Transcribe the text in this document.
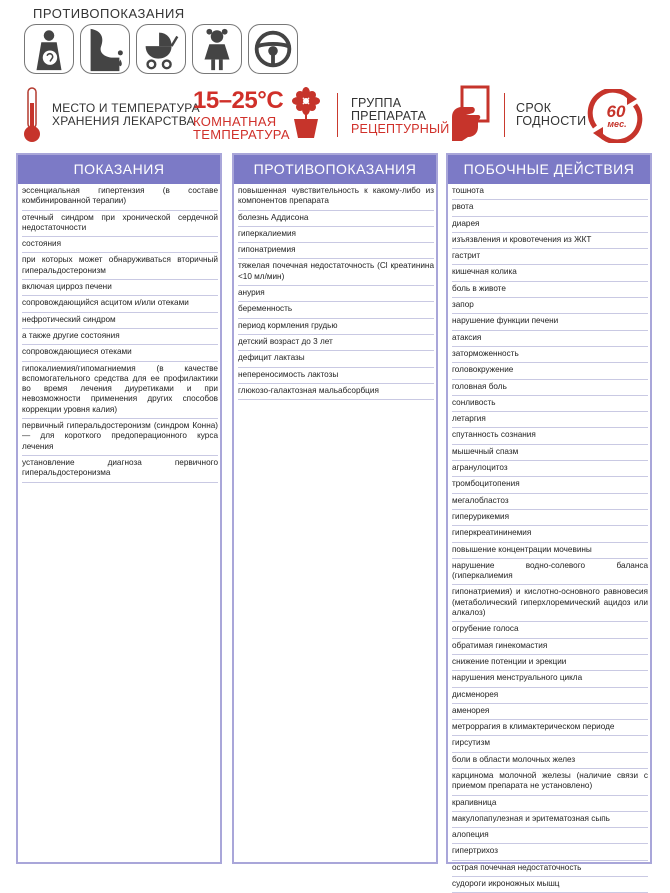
ПРОТИВОПОКАЗАНИЯ
МЕСТО И ТЕМПЕРАТУРА
ХРАНЕНИЯ ЛЕКАРСТВА
15–25°C
КОМНАТНАЯ
ТЕМПЕРАТУРА
ГРУППА
ПРЕПАРАТА
РЕЦЕПТУРНЫЙ
СРОК
ГОДНОСТИ 60
мес.
ПОКАЗАНИЯ
эссенциальная гипертензия (в составе комбинированной терапии)
отечный синдром при хронической сердечной недостаточности
состояния
при которых может обнаруживаться вторичный гиперальдостеронизм
включая цирроз печени
сопровождающийся асцитом и/или отеками
нефротический синдром
а также другие состояния
сопровождающиеся отеками
гипокалиемия/гипомагниемия (в качестве вспомогательного средства для ее профилактики во время лечения диуретиками и при невозможности применения других способов коррекции уровня калия)
первичный гиперальдостеронизм (синдром Конна) — для короткого предоперационного курса лечения
установление диагноза первичного гиперальдостеронизма
ПРОТИВОПОКАЗАНИЯ
повышенная чувствительность к какому-либо из компонентов препарата
болезнь Аддисона
гиперкалиемия
гипонатриемия
тяжелая почечная недостаточность (Cl креатинина <10 мл/мин)
анурия
беременность
период кормления грудью
детский возраст до 3 лет
дефицит лактазы
непереносимость лактозы
глюкозо-галактозная мальабсорбция
ПОБОЧНЫЕ ДЕЙСТВИЯ
тошнота
рвота
диарея
изъязвления и кровотечения из ЖКТ
гастрит
кишечная колика
боль в животе
запор
нарушение функции печени
атаксия
заторможенность
головокружение
головная боль
сонливость
летаргия
спутанность сознания
мышечный спазм
агранулоцитоз
тромбоцитопения
мегалобластоз
гиперурикемия
гиперкреатининемия
повышение концентрации мочевины
нарушение водно-солевого баланса (гиперкалиемия
гипонатриемия) и кислотно-основного равновесия (метаболический гиперхлоремический ацидоз или алкалоз)
огрубение голоса
обратимая гинекомастия
снижение потенции и эрекции
нарушения менструального цикла
дисменорея
аменорея
метроррагия в климактерическом периоде
гирсутизм
боли в области молочных желез
карцинома молочной железы (наличие связи с приемом препарата не установлено)
крапивница
макулопапулезная и эритематозная сыпь
алопеция
гипертрихоз
острая почечная недостаточность
судороги икроножных мышц
